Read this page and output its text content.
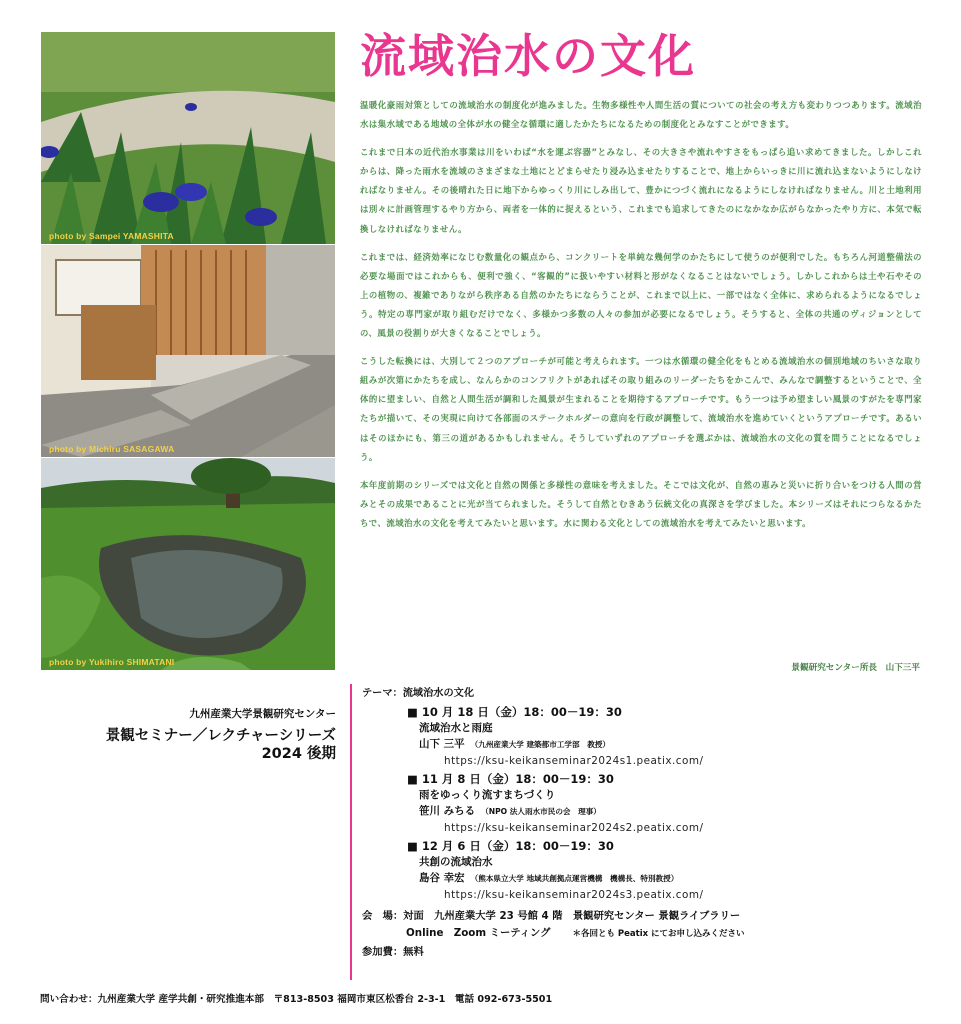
photo by Sampei YAMASHITA
photo by Michiru SASAGAWA
photo by Yukihiro SHIMATANI
流域治水の文化

温暖化豪雨対策としての流域治水の制度化が進みました。生物多様性や人間生活の質についての社会の考え方も変わりつつあります。流域治水は集水域である地域の全体が水の健全な循環に適したかたちになるための制度化とみなすことができます。

これまで日本の近代治水事業は川をいわば“水を運ぶ容器”とみなし、その大きさや流れやすさをもっぱら追い求めてきました。しかしこれからは、降った雨水を流域のさまざまな土地にとどまらせたり浸み込ませたりすることで、地上からいっきに川に流れ込まないようにしなければなりません。その後晴れた日に地下からゆっくり川にしみ出して、豊かにつづく流れになるようにしなければなりません。川と土地利用は別々に計画管理するやり方から、両者を一体的に捉えるという、これまでも追求してきたのになかなか広がらなかったやり方に、本気で転換しなければなりません。

これまでは、経済効率になじむ数量化の観点から、コンクリートを単純な幾何学のかたちにして使うのが便利でした。もちろん河道整備法の必要な場面ではこれからも、便利で強く、“客観的”に扱いやすい材料と形がなくなることはないでしょう。しかしこれからは土や石やその上の植物の、複雑でありながら秩序ある自然のかたちにならうことが、これまで以上に、一部ではなく全体に、求められるようになるでしょう。特定の専門家が取り組むだけでなく、多様かつ多数の人々の参加が必要になるでしょう。そうすると、全体の共通のヴィジョンとしての、風景の役割りが大きくなることでしょう。

こうした転換には、大別して２つのアプローチが可能と考えられます。一つは水循環の健全化をもとめる流域治水の個別地域のちいさな取り組みが次第にかたちを成し、なんらかのコンフリクトがあればその取り組みのリーダーたちをかこんで、みんなで調整するということで、全体的に望ましい、自然と人間生活が調和した風景が生まれることを期待するアプローチです。もう一つは予め望ましい風景のすがたを専門家たちが描いて、その実現に向けて各部面のステークホルダーの意向を行政が調整して、流域治水を進めていくというアプローチです。あるいはそのほかにも、第三の道があるかもしれません。そうしていずれのアプローチを選ぶかは、流域治水の文化の質を問うことになるでしょう。

本年度前期のシリーズでは文化と自然の関係と多様性の意味を考えました。そこでは文化が、自然の恵みと災いに折り合いをつける人間の営みとその成果であることに光が当てられました。そうして自然とむきあう伝統文化の真深さを学びました。本シリーズはそれにつらなるかたちで、流域治水の文化を考えてみたいと思います。水に関わる文化としての流域治水を考えてみたいと思います。

景観研究センター所長　山下三平
九州産業大学景観研究センター
景観セミナー／レクチャーシリーズ
2024 後期
テーマ：流域治水の文化
■ 10 月 18 日（金）18：00－19：30
流域治水と雨庭
山下 三平 （九州産業大学 建築都市工学部　教授）
https://ksu-keikanseminar2024s1.peatix.com/
■ 11 月 8 日（金）18：00－19：30
雨をゆっくり流すまちづくり
笹川 みちる （NPO 法人雨水市民の会　理事）
https://ksu-keikanseminar2024s2.peatix.com/
■ 12 月 6 日（金）18：00－19：30
共創の流域治水
島谷 幸宏 （熊本県立大学 地域共創拠点運営機構　機構長、特別教授）
https://ksu-keikanseminar2024s3.peatix.com/
会　場：対面　九州産業大学 23 号館 4 階　景観研究センター 景観ライブラリー
Online　Zoom ミーティング	＊各回とも Peatix にてお申し込みください
参加費：無料
問い合わせ：九州産業大学 産学共創・研究推進本部　〒813-8503 福岡市東区松香台 2-3-1　電話 092-673-5501
